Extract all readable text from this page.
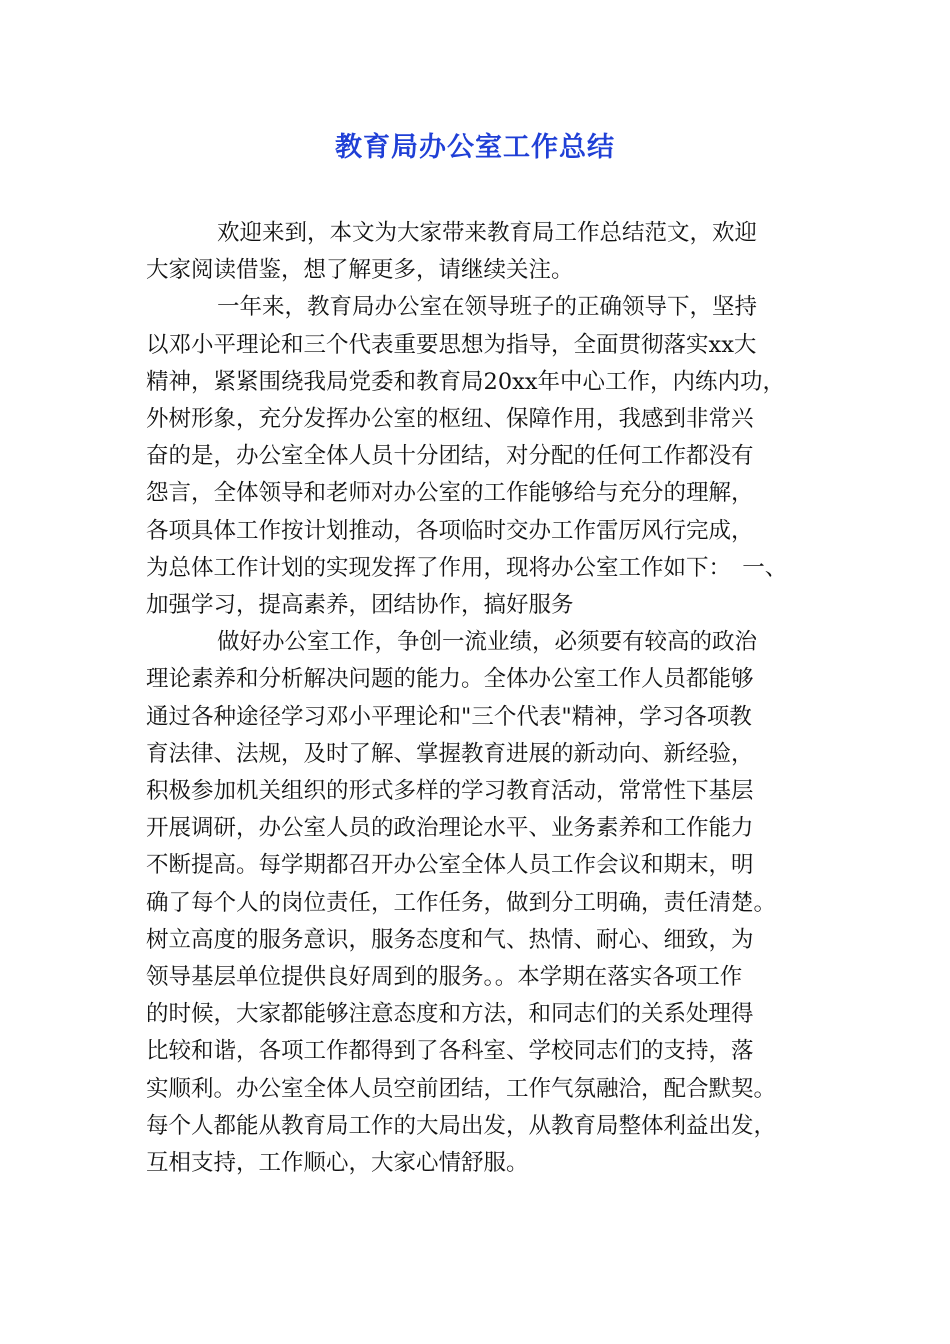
教育局办公室工作总结

欢迎来到，本文为大家带来教育局工作总结范文，欢迎
大家阅读借鉴，想了解更多，请继续关注。

一年来，教育局办公室在领导班子的正确领导下，坚持
以邓小平理论和三个代表重要思想为指导，全面贯彻落实xx大
精神，紧紧围绕我局党委和教育局20xx年中心工作，内练内功，
外树形象，充分发挥办公室的枢纽、保障作用，我感到非常兴
奋的是，办公室全体人员十分团结，对分配的任何工作都没有
怨言，全体领导和老师对办公室的工作能够给与充分的理解，
各项具体工作按计划推动，各项临时交办工作雷厉风行完成，
为总体工作计划的实现发挥了作用，现将办公室工作如下：　一、
加强学习，提高素养，团结协作，搞好服务

做好办公室工作，争创一流业绩，必须要有较高的政治
理论素养和分析解决问题的能力。全体办公室工作人员都能够
通过各种途径学习邓小平理论和"三个代表"精神，学习各项教
育法律、法规，及时了解、掌握教育进展的新动向、新经验，
积极参加机关组织的形式多样的学习教育活动，常常性下基层
开展调研，办公室人员的政治理论水平、业务素养和工作能力
不断提高。每学期都召开办公室全体人员工作会议和期末，明
确了每个人的岗位责任，工作任务，做到分工明确，责任清楚。
树立高度的服务意识，服务态度和气、热情、耐心、细致，为
领导基层单位提供良好周到的服务。。本学期在落实各项工作
的时候，大家都能够注意态度和方法，和同志们的关系处理得
比较和谐，各项工作都得到了各科室、学校同志们的支持，落
实顺利。办公室全体人员空前团结，工作气氛融洽，配合默契。
每个人都能从教育局工作的大局出发，从教育局整体利益出发，
互相支持，工作顺心，大家心情舒服。
